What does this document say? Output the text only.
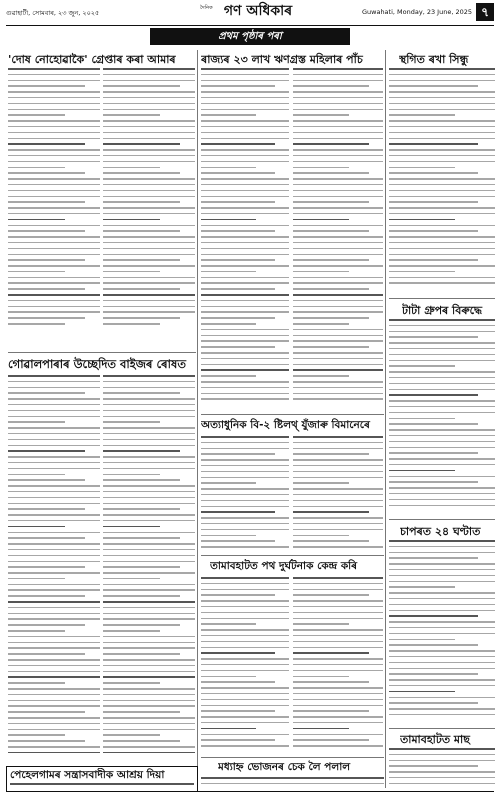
গুৱাহাটী, সোমবাৰ, ২৩ জুন, ২০২৫
দৈনিক গণ অধিকাৰ	Guwahati, Monday, 23 June, 2025 ৭
প্ৰথম পৃষ্ঠাৰ পৰা
'দোষ নোহোৱাকৈ' গ্ৰেপ্তাৰ কৰা আমাৰ	ৰাজ্যৰ ২৩ লাখ ঋণগ্ৰস্ত মহিলাৰ পাঁচ	স্থগিত ৰখা সিন্ধু
গোৱালপাৰাৰ উচ্ছেদিত বাইজৰ ৰোষত
টাটা গ্ৰুপৰ বিৰুদ্ধে
অত্যাধুনিক বি-২ ষ্টিলথ্ যুঁজাৰু বিমানেৰে
চাপৰত ২৪ ঘণ্টাত
তামাবহাটত পথ দুৰ্ঘটনাক কেন্দ্ৰ কৰি
তামাবহাটত মাছ
পেহেলগামৰ সন্ত্ৰাসবাদীক আশ্ৰয় দিয়া
মধ্যাহ্ন ভোজনৰ চেক লৈ পলাল
